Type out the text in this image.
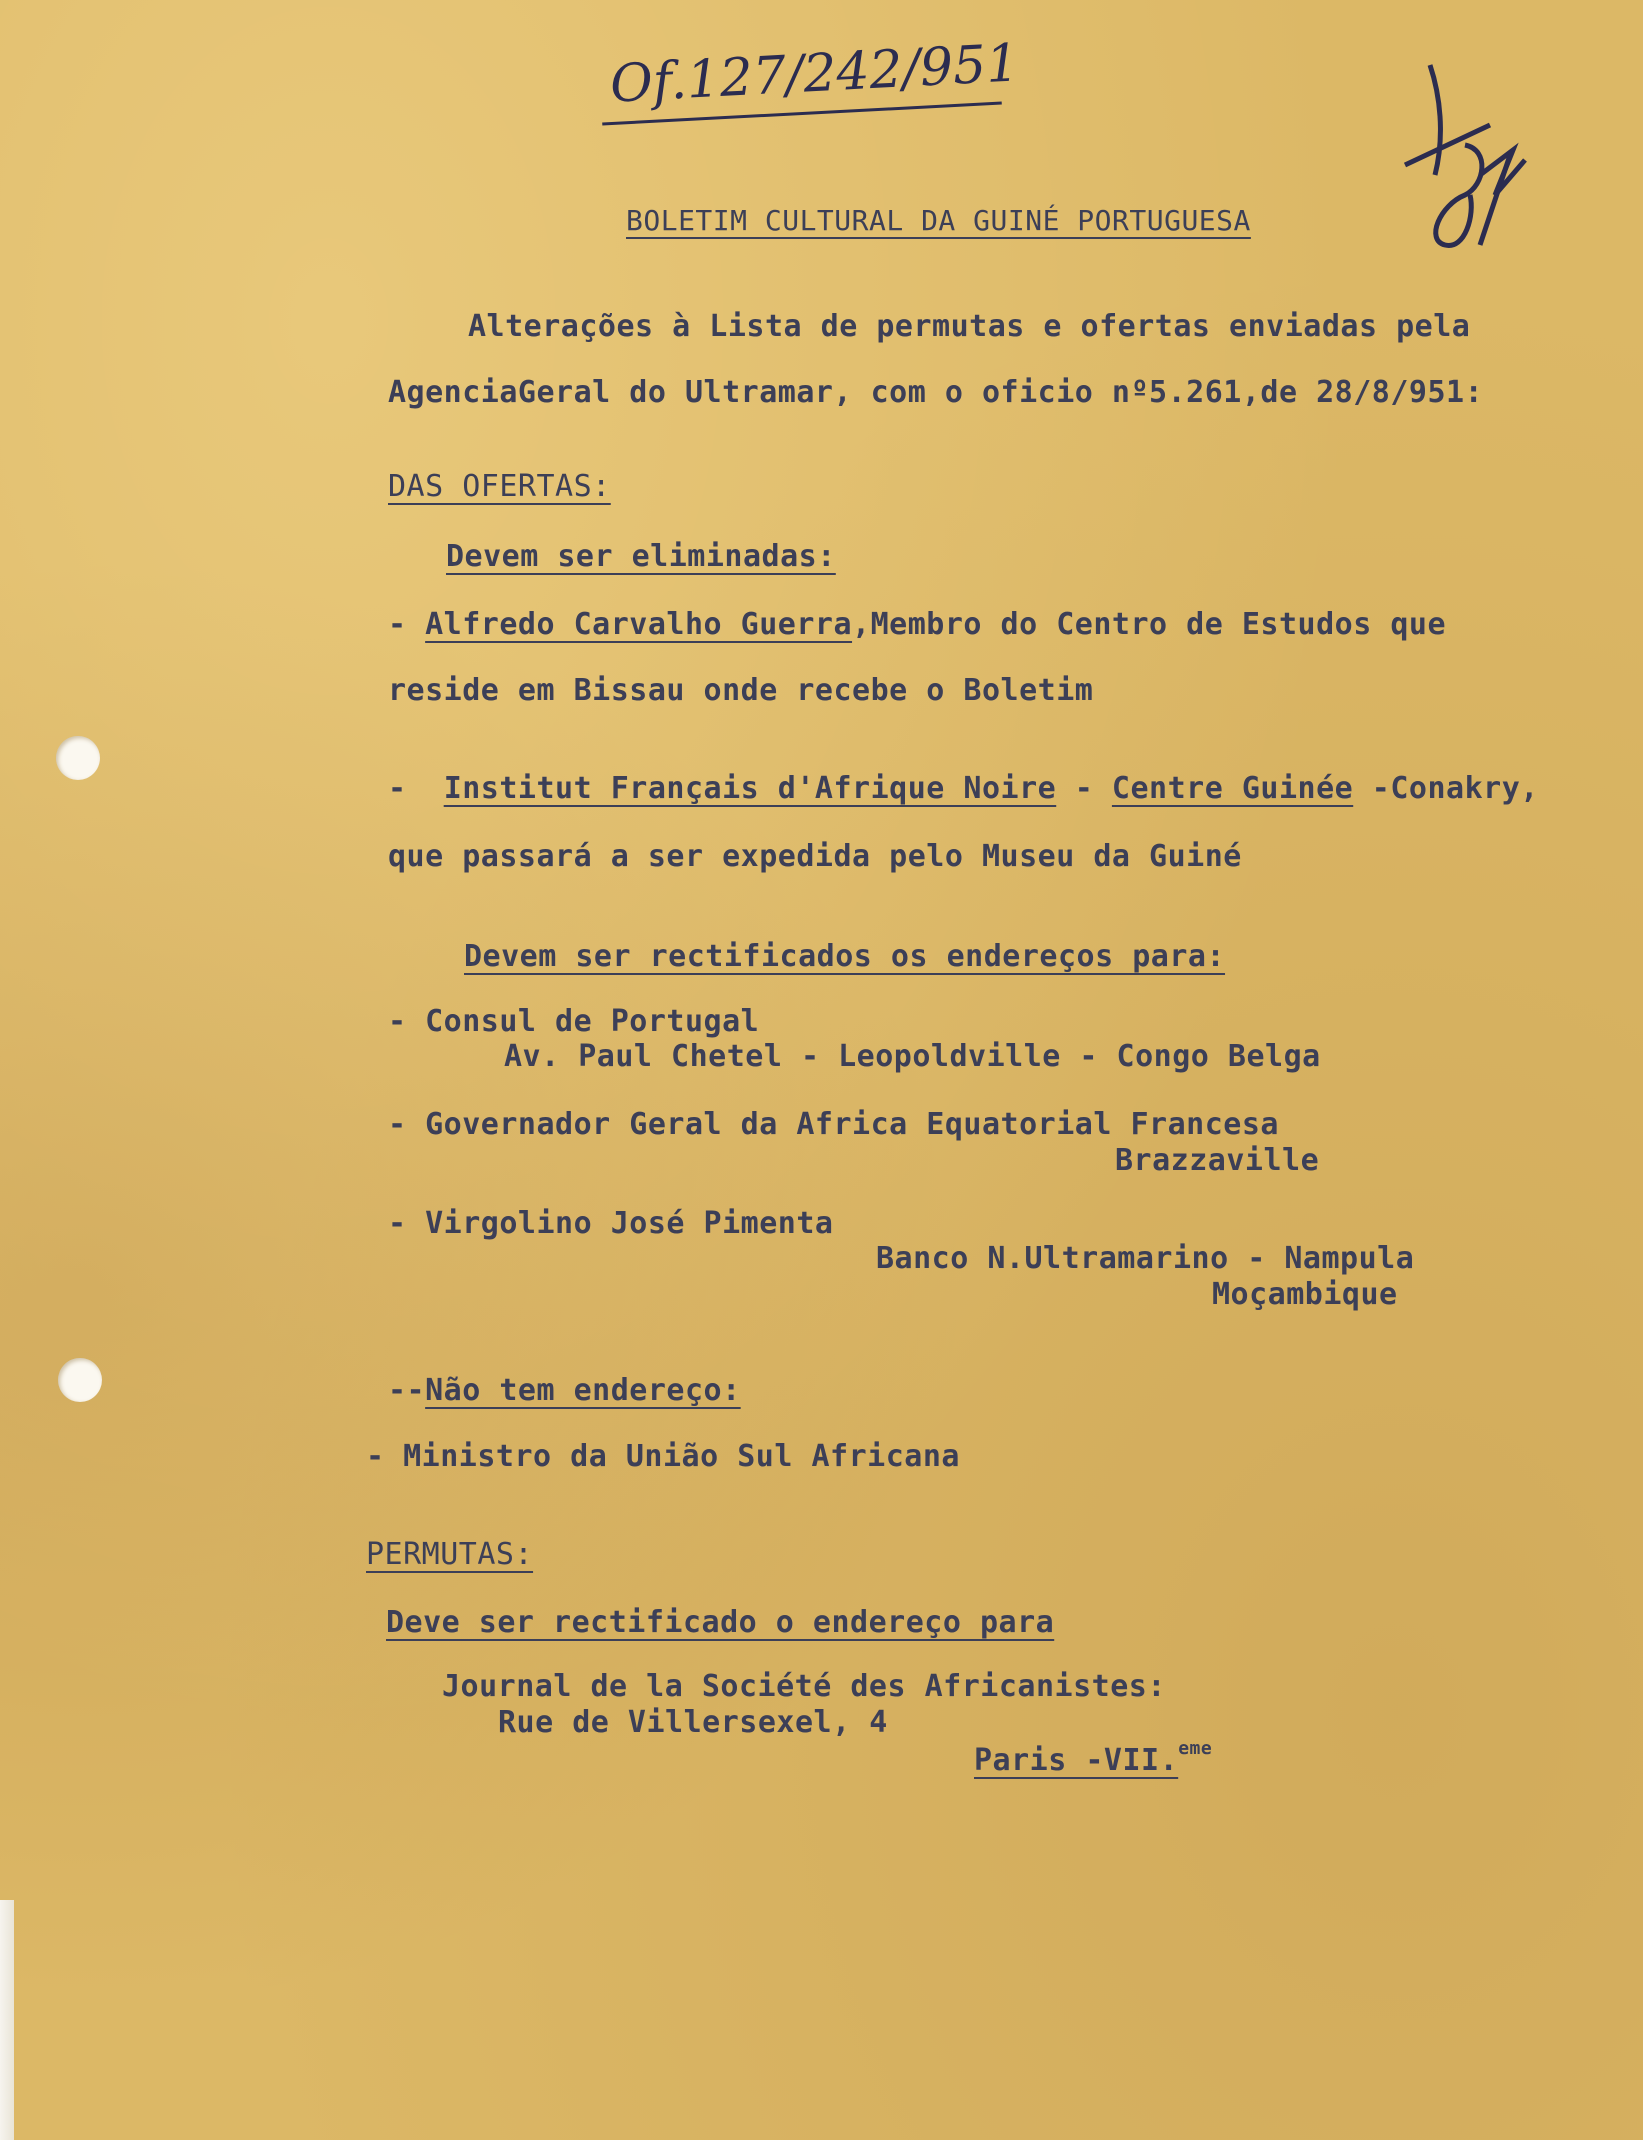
Of.127/242/951
BOLETIM CULTURAL DA GUINÉ PORTUGUESA
Alterações à Lista de permutas e ofertas enviadas pela
AgenciaGeral do Ultramar, com o oficio nº5.261,de 28/8/951:
DAS OFERTAS:
Devem ser eliminadas:
- Alfredo Carvalho Guerra,Membro do Centro de Estudos que
reside em Bissau onde recebe o Boletim
-  Institut Français d'Afrique Noire - Centre Guinée -Conakry,
que passará a ser expedida pelo Museu da Guiné
Devem ser rectificados os endereços para:
- Consul de Portugal
Av. Paul Chetel - Leopoldville - Congo Belga
- Governador Geral da Africa Equatorial Francesa
Brazzaville
- Virgolino José Pimenta
Banco N.Ultramarino - Nampula
Moçambique
--Não tem endereço:
- Ministro da União Sul Africana
PERMUTAS:
Deve ser rectificado o endereço para
Journal de la Société des Africanistes:
Rue de Villersexel, 4
Paris -VII.$^{eme}$
